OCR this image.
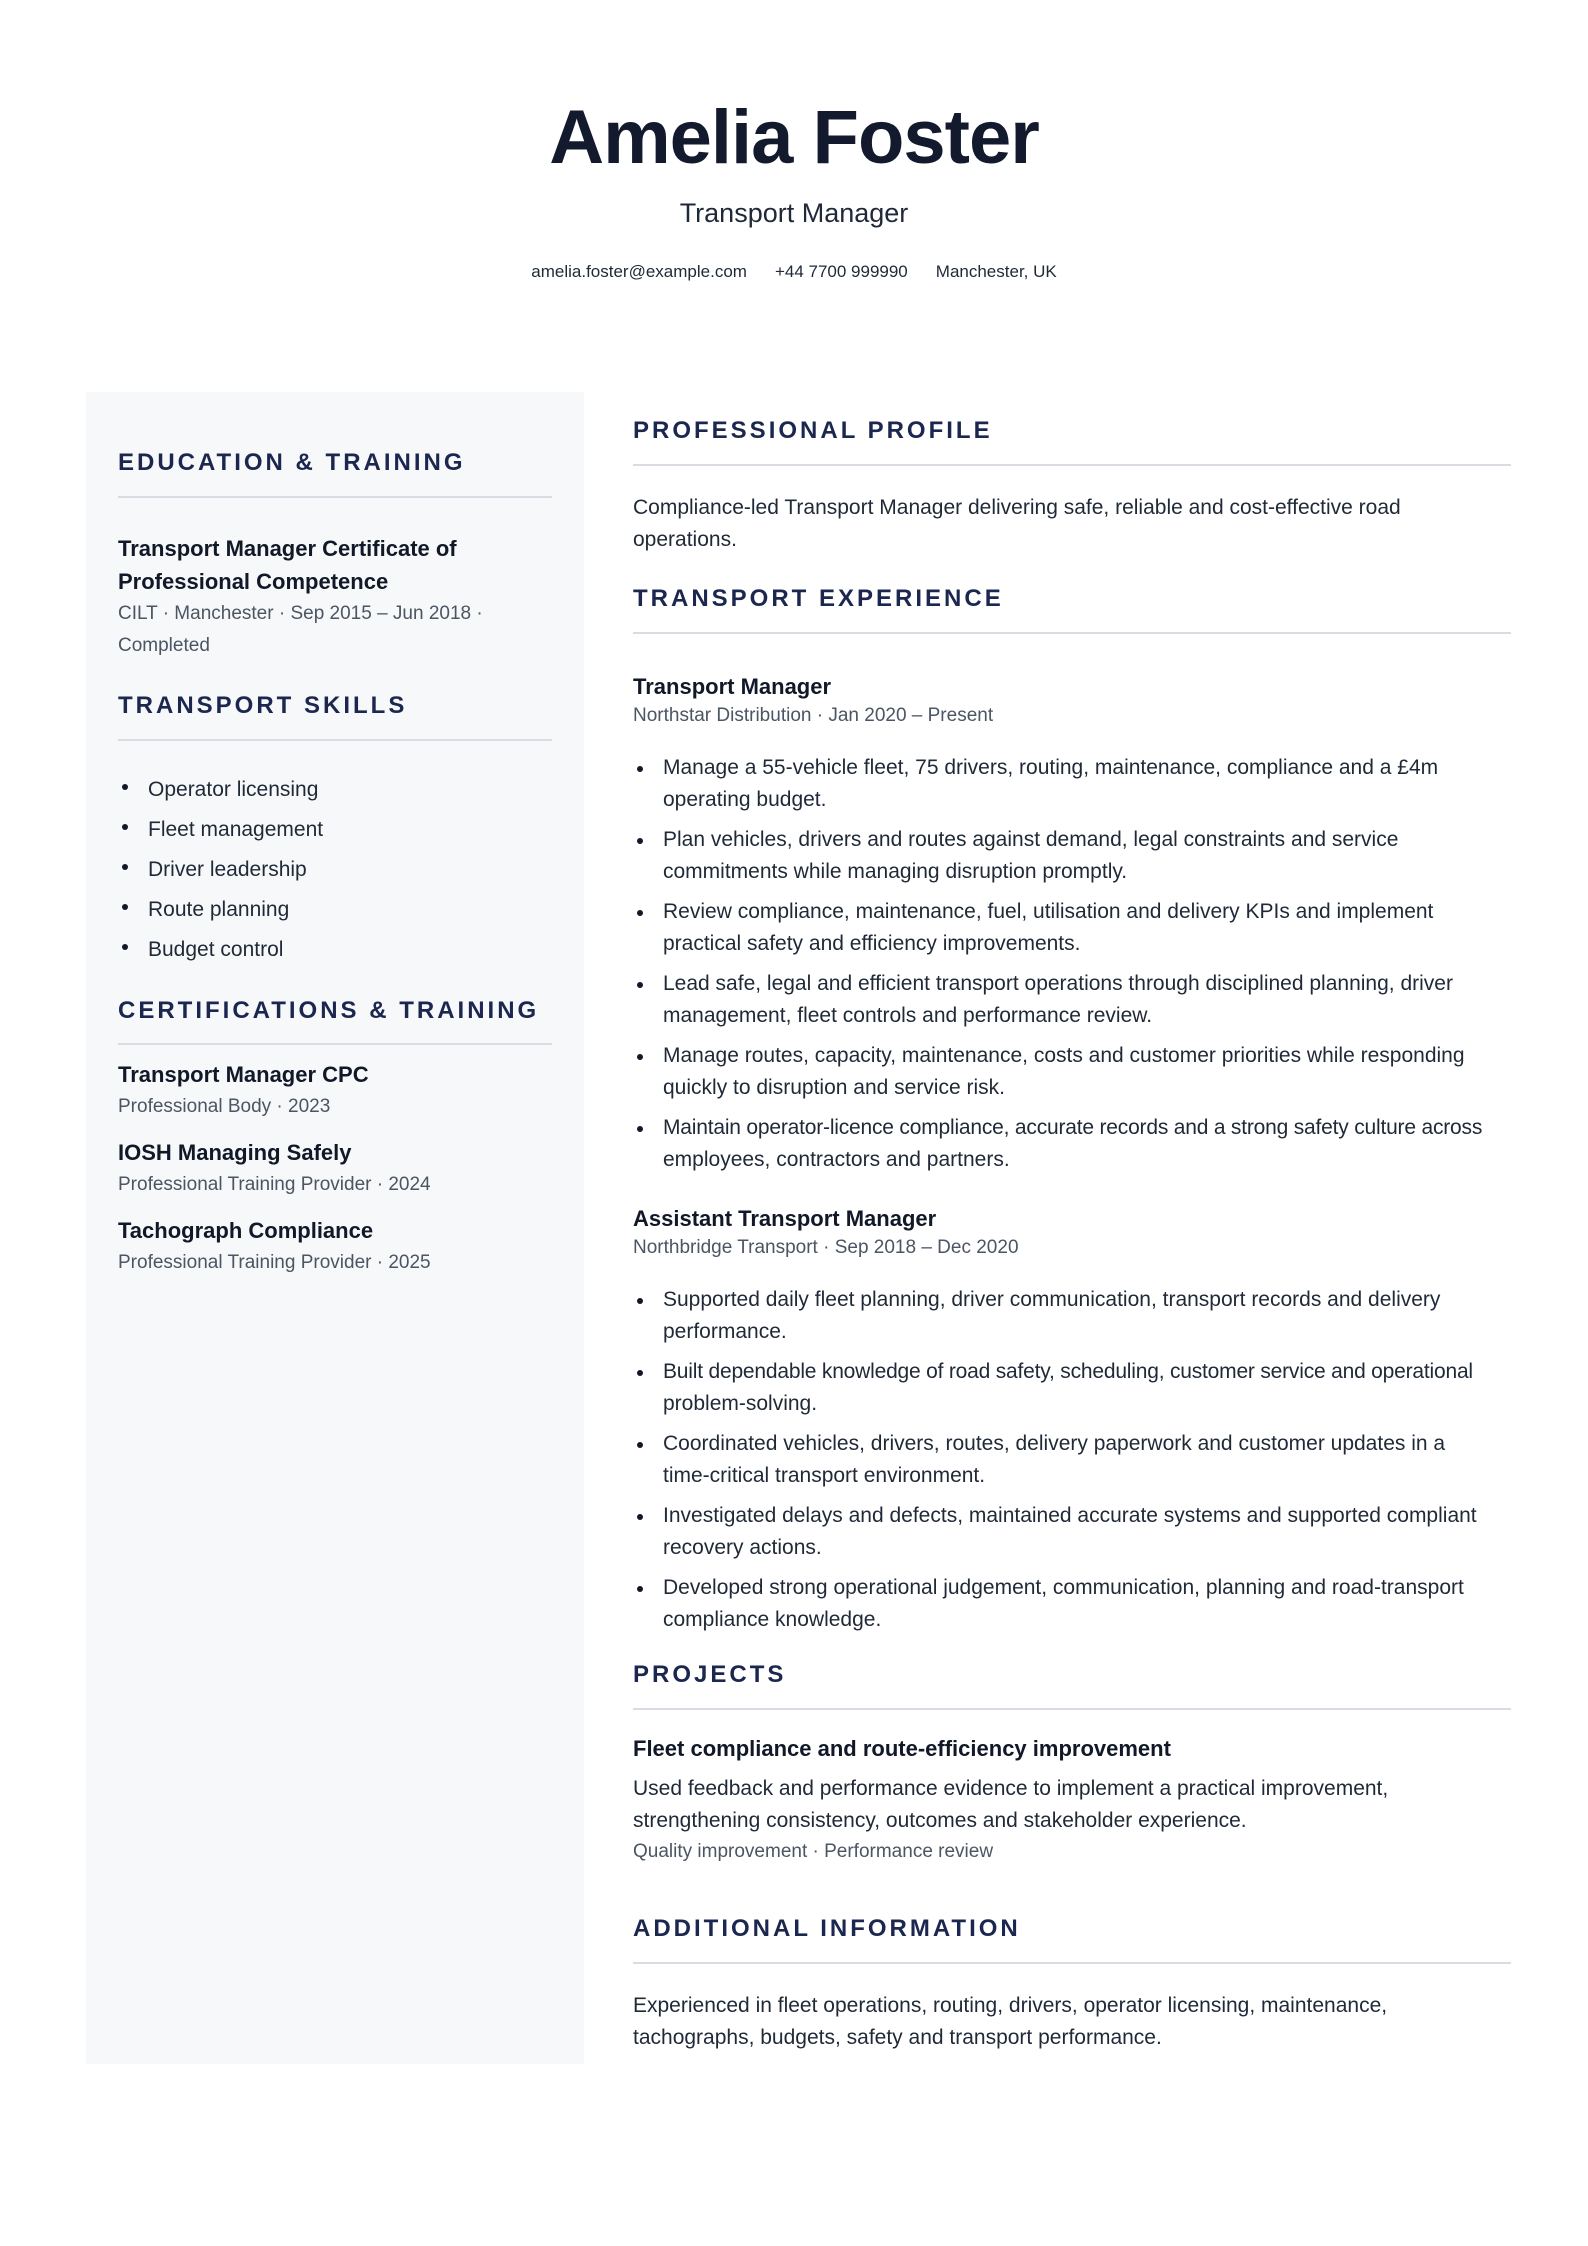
Amelia Foster
Transport Manager
amelia.foster@example.com +44 7700 999990 Manchester, UK
EDUCATION & TRAINING
Transport Manager Certificate of
Professional Competence
CILT · Manchester · Sep 2015 – Jun 2018 ·
Completed
TRANSPORT SKILLS
Operator licensing
Fleet management
Driver leadership
Route planning
Budget control
CERTIFICATIONS & TRAINING
Transport Manager CPC
Professional Body · 2023
IOSH Managing Safely
Professional Training Provider · 2024
Tachograph Compliance
Professional Training Provider · 2025
PROFESSIONAL PROFILE
Compliance-led Transport Manager delivering safe, reliable and cost-effective road
operations.
TRANSPORT EXPERIENCE
Transport Manager
Northstar Distribution · Jan 2020 – Present
Manage a 55-vehicle fleet, 75 drivers, routing, maintenance, compliance and a £4m
operating budget.
Plan vehicles, drivers and routes against demand, legal constraints and service
commitments while managing disruption promptly.
Review compliance, maintenance, fuel, utilisation and delivery KPIs and implement
practical safety and efficiency improvements.
Lead safe, legal and efficient transport operations through disciplined planning, driver
management, fleet controls and performance review.
Manage routes, capacity, maintenance, costs and customer priorities while responding
quickly to disruption and service risk.
Maintain operator-licence compliance, accurate records and a strong safety culture across
employees, contractors and partners.
Assistant Transport Manager
Northbridge Transport · Sep 2018 – Dec 2020
Supported daily fleet planning, driver communication, transport records and delivery
performance.
Built dependable knowledge of road safety, scheduling, customer service and operational
problem-solving.
Coordinated vehicles, drivers, routes, delivery paperwork and customer updates in a
time-critical transport environment.
Investigated delays and defects, maintained accurate systems and supported compliant
recovery actions.
Developed strong operational judgement, communication, planning and road-transport
compliance knowledge.
PROJECTS
Fleet compliance and route-efficiency improvement
Used feedback and performance evidence to implement a practical improvement,
strengthening consistency, outcomes and stakeholder experience.
Quality improvement · Performance review
ADDITIONAL INFORMATION
Experienced in fleet operations, routing, drivers, operator licensing, maintenance,
tachographs, budgets, safety and transport performance.
